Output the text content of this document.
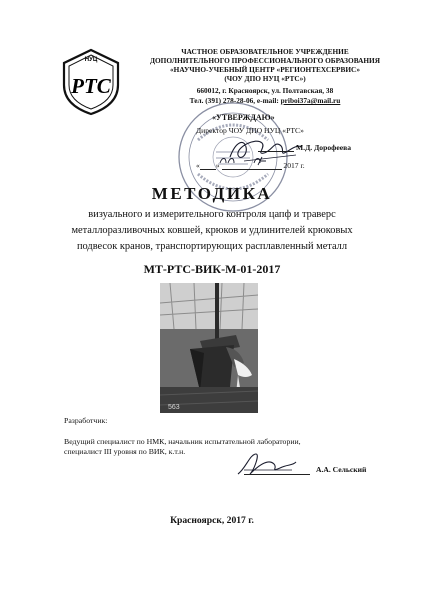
НУЦ
РТС
ЧАСТНОЕ ОБРАЗОВАТЕЛЬНОЕ УЧРЕЖДЕНИЕ
ДОПОЛНИТЕЛЬНОГО ПРОФЕССИОНАЛЬНОГО ОБРАЗОВАНИЯ
«НАУЧНО-УЧЕБНЫЙ ЦЕНТР «РЕГИОНТЕХСЕРВИС»
(ЧОУ ДПО НУЦ «РТС»)
660012, г. Красноярск, ул. Полтавская, 38
Тел. (391) 278-28-06, e-mail: priboi37a@mail.ru
«УТВЕРЖДАЮ»
Директор ЧОУ ДПО НУЦ «РТС»
М.Д. Дорофеева
« »	2017 г.
МЕТОДИКА
визуального и измерительного контроля цапф и траверс
металлоразливочных ковшей, крюков и удлинителей крюковых
подвесок кранов, транспортирующих расплавленный металл
МТ-РТС-ВИК-М-01-2017
563
Разработчик:
Ведущий специалист по НМК, начальник испытательной лаборатории,
специалист III уровня по ВИК, к.т.н.
А.А. Сельский
Красноярск, 2017 г.
